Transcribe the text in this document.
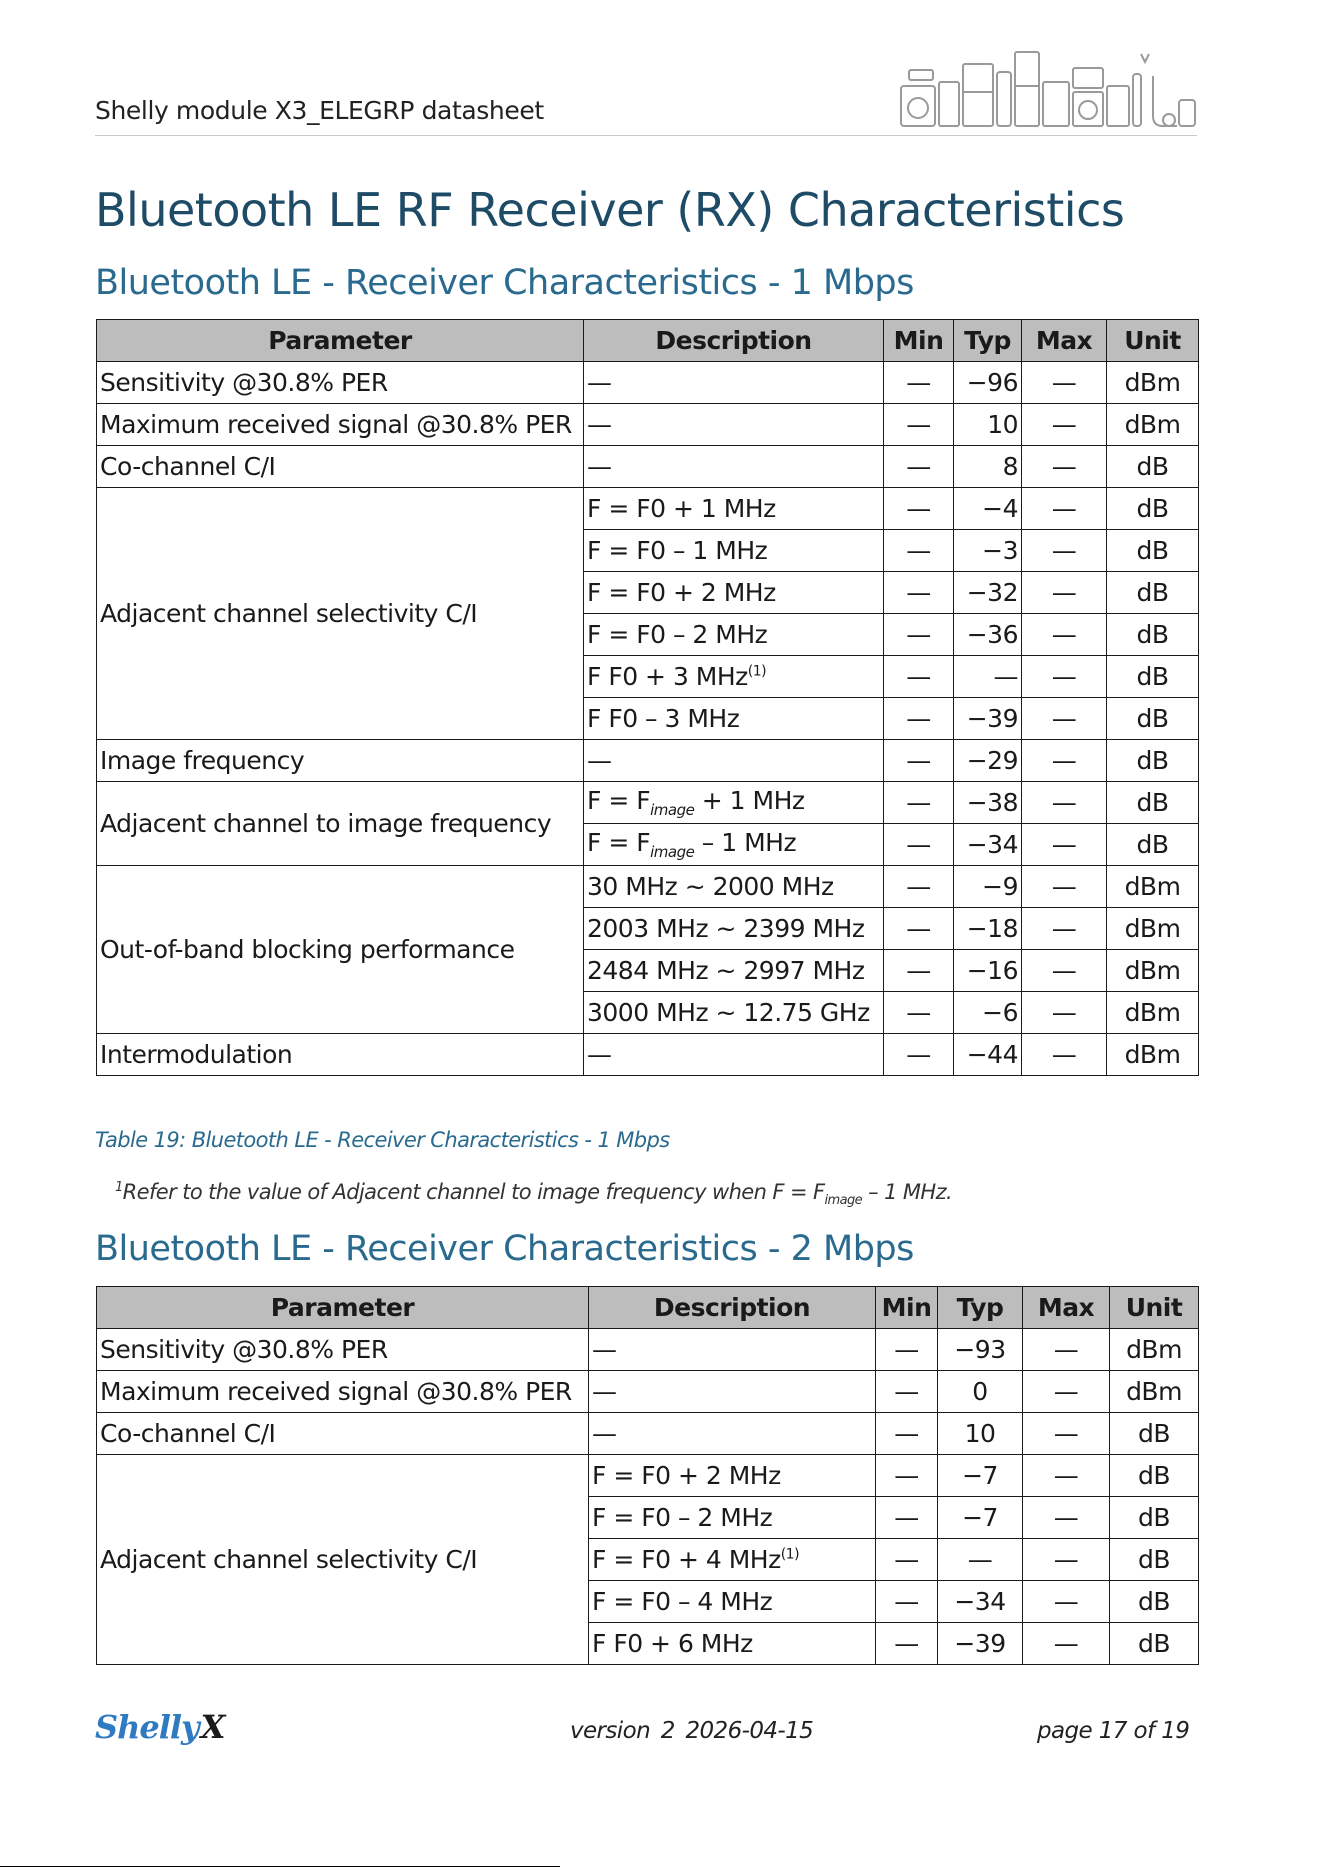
Shelly module X3_ELEGRP datasheet
Bluetooth LE RF Receiver (RX) Characteristics
Bluetooth LE - Receiver Characteristics - 1 Mbps
Parameter	Description	Min	Typ	Max	Unit
Sensitivity @30.8% PER	—	—	−96	—	dBm
Maximum received signal @30.8% PER	—	—	10	—	dBm
Co-channel C/I	—	—	8	—	dB
Adjacent channel selectivity C/I	F = F0 + 1 MHz	—	−4	—	dB
	F = F0 – 1 MHz	—	−3	—	dB
	F = F0 + 2 MHz	—	−32	—	dB
	F = F0 – 2 MHz	—	−36	—	dB
	F F0 + 3 MHz$^{(1)}$	—	—	—	dB
	F F0 – 3 MHz	—	−39	—	dB
Image frequency	—	—	−29	—	dB
Adjacent channel to image frequency	$F = F_{image} + 1$ MHz	—	−38	—	dB
	$F = F_{image} - 1$ MHz	—	−34	—	dB
Out-of-band blocking performance	30 MHz ~ 2000 MHz	—	−9	—	dBm
	2003 MHz ~ 2399 MHz	—	−18	—	dBm
	2484 MHz ~ 2997 MHz	—	−16	—	dBm
	3000 MHz ~ 12.75 GHz	—	−6	—	dBm
Intermodulation	—	—	−44	—	dBm
Table 19: Bluetooth LE - Receiver Characteristics - 1 Mbps
$^1$Refer to the value of Adjacent channel to image frequency when $F = F_{image} - 1$ MHz.
Bluetooth LE - Receiver Characteristics - 2 Mbps
Parameter	Description	Min	Typ	Max	Unit
Sensitivity @30.8% PER	—	—	−93	—	dBm
Maximum received signal @30.8% PER	—	—	0	—	dBm
Co-channel C/I	—	—	10	—	dB
Adjacent channel selectivity C/I	F = F0 + 2 MHz	—	−7	—	dB
	F = F0 – 2 MHz	—	−7	—	dB
	F = F0 + 4 MHz$^{(1)}$	—	—	—	dB
	F = F0 – 4 MHz	—	−34	—	dB
	F F0 + 6 MHz	—	−39	—	dB
ShellyX	version 2 2026-04-15	page 17 of 19
